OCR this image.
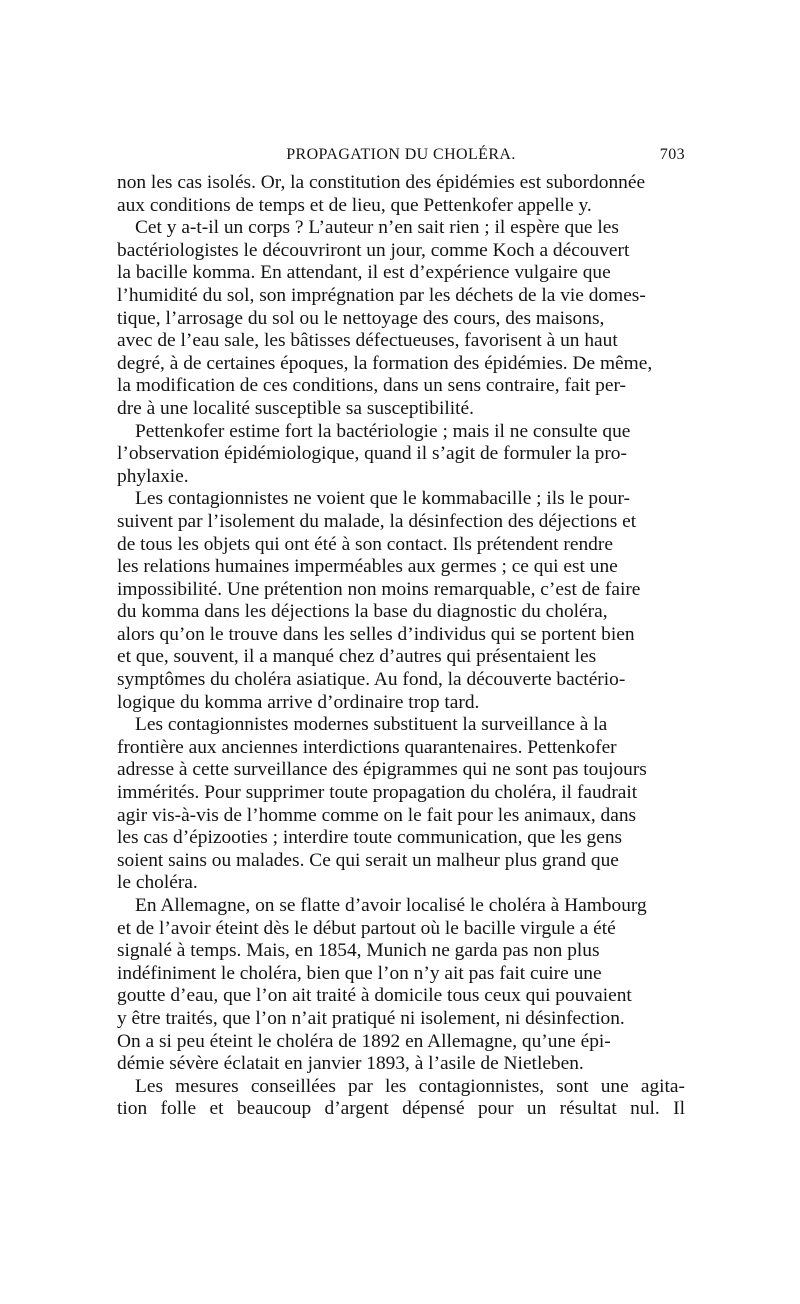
PROPAGATION DU CHOLÉRA.	703

non les cas isolés. Or, la constitution des épidémies est subordonnée
aux conditions de temps et de lieu, que Pettenkofer appelle y.

Cet y a-t-il un corps ? L’auteur n’en sait rien ; il espère que les
bactériologistes le découvriront un jour, comme Koch a découvert
la bacille komma. En attendant, il est d’expérience vulgaire que
l’humidité du sol, son imprégnation par les déchets de la vie domes-
tique, l’arrosage du sol ou le nettoyage des cours, des maisons,
avec de l’eau sale, les bâtisses défectueuses, favorisent à un haut
degré, à de certaines époques, la formation des épidémies. De même,
la modification de ces conditions, dans un sens contraire, fait per-
dre à une localité susceptible sa susceptibilité.

Pettenkofer estime fort la bactériologie ; mais il ne consulte que
l’observation épidémiologique, quand il s’agit de formuler la pro-
phylaxie.

Les contagionnistes ne voient que le kommabacille ; ils le pour-
suivent par l’isolement du malade, la désinfection des déjections et
de tous les objets qui ont été à son contact. Ils prétendent rendre
les relations humaines imperméables aux germes ; ce qui est une
impossibilité. Une prétention non moins remarquable, c’est de faire
du komma dans les déjections la base du diagnostic du choléra,
alors qu’on le trouve dans les selles d’individus qui se portent bien
et que, souvent, il a manqué chez d’autres qui présentaient les
symptômes du choléra asiatique. Au fond, la découverte bactério-
logique du komma arrive d’ordinaire trop tard.

Les contagionnistes modernes substituent la surveillance à la
frontière aux anciennes interdictions quarantenaires. Pettenkofer
adresse à cette surveillance des épigrammes qui ne sont pas toujours
immérités. Pour supprimer toute propagation du choléra, il faudrait
agir vis-à-vis de l’homme comme on le fait pour les animaux, dans
les cas d’épizooties ; interdire toute communication, que les gens
soient sains ou malades. Ce qui serait un malheur plus grand que
le choléra.

En Allemagne, on se flatte d’avoir localisé le choléra à Hambourg
et de l’avoir éteint dès le début partout où le bacille virgule a été
signalé à temps. Mais, en 1854, Munich ne garda pas non plus
indéfiniment le choléra, bien que l’on n’y ait pas fait cuire une
goutte d’eau, que l’on ait traité à domicile tous ceux qui pouvaient
y être traités, que l’on n’ait pratiqué ni isolement, ni désinfection.
On a si peu éteint le choléra de 1892 en Allemagne, qu’une épi-
démie sévère éclatait en janvier 1893, à l’asile de Nietleben.

Les mesures conseillées par les contagionnistes, sont une agita-
tion folle et beaucoup d’argent dépensé pour un résultat nul. Il
